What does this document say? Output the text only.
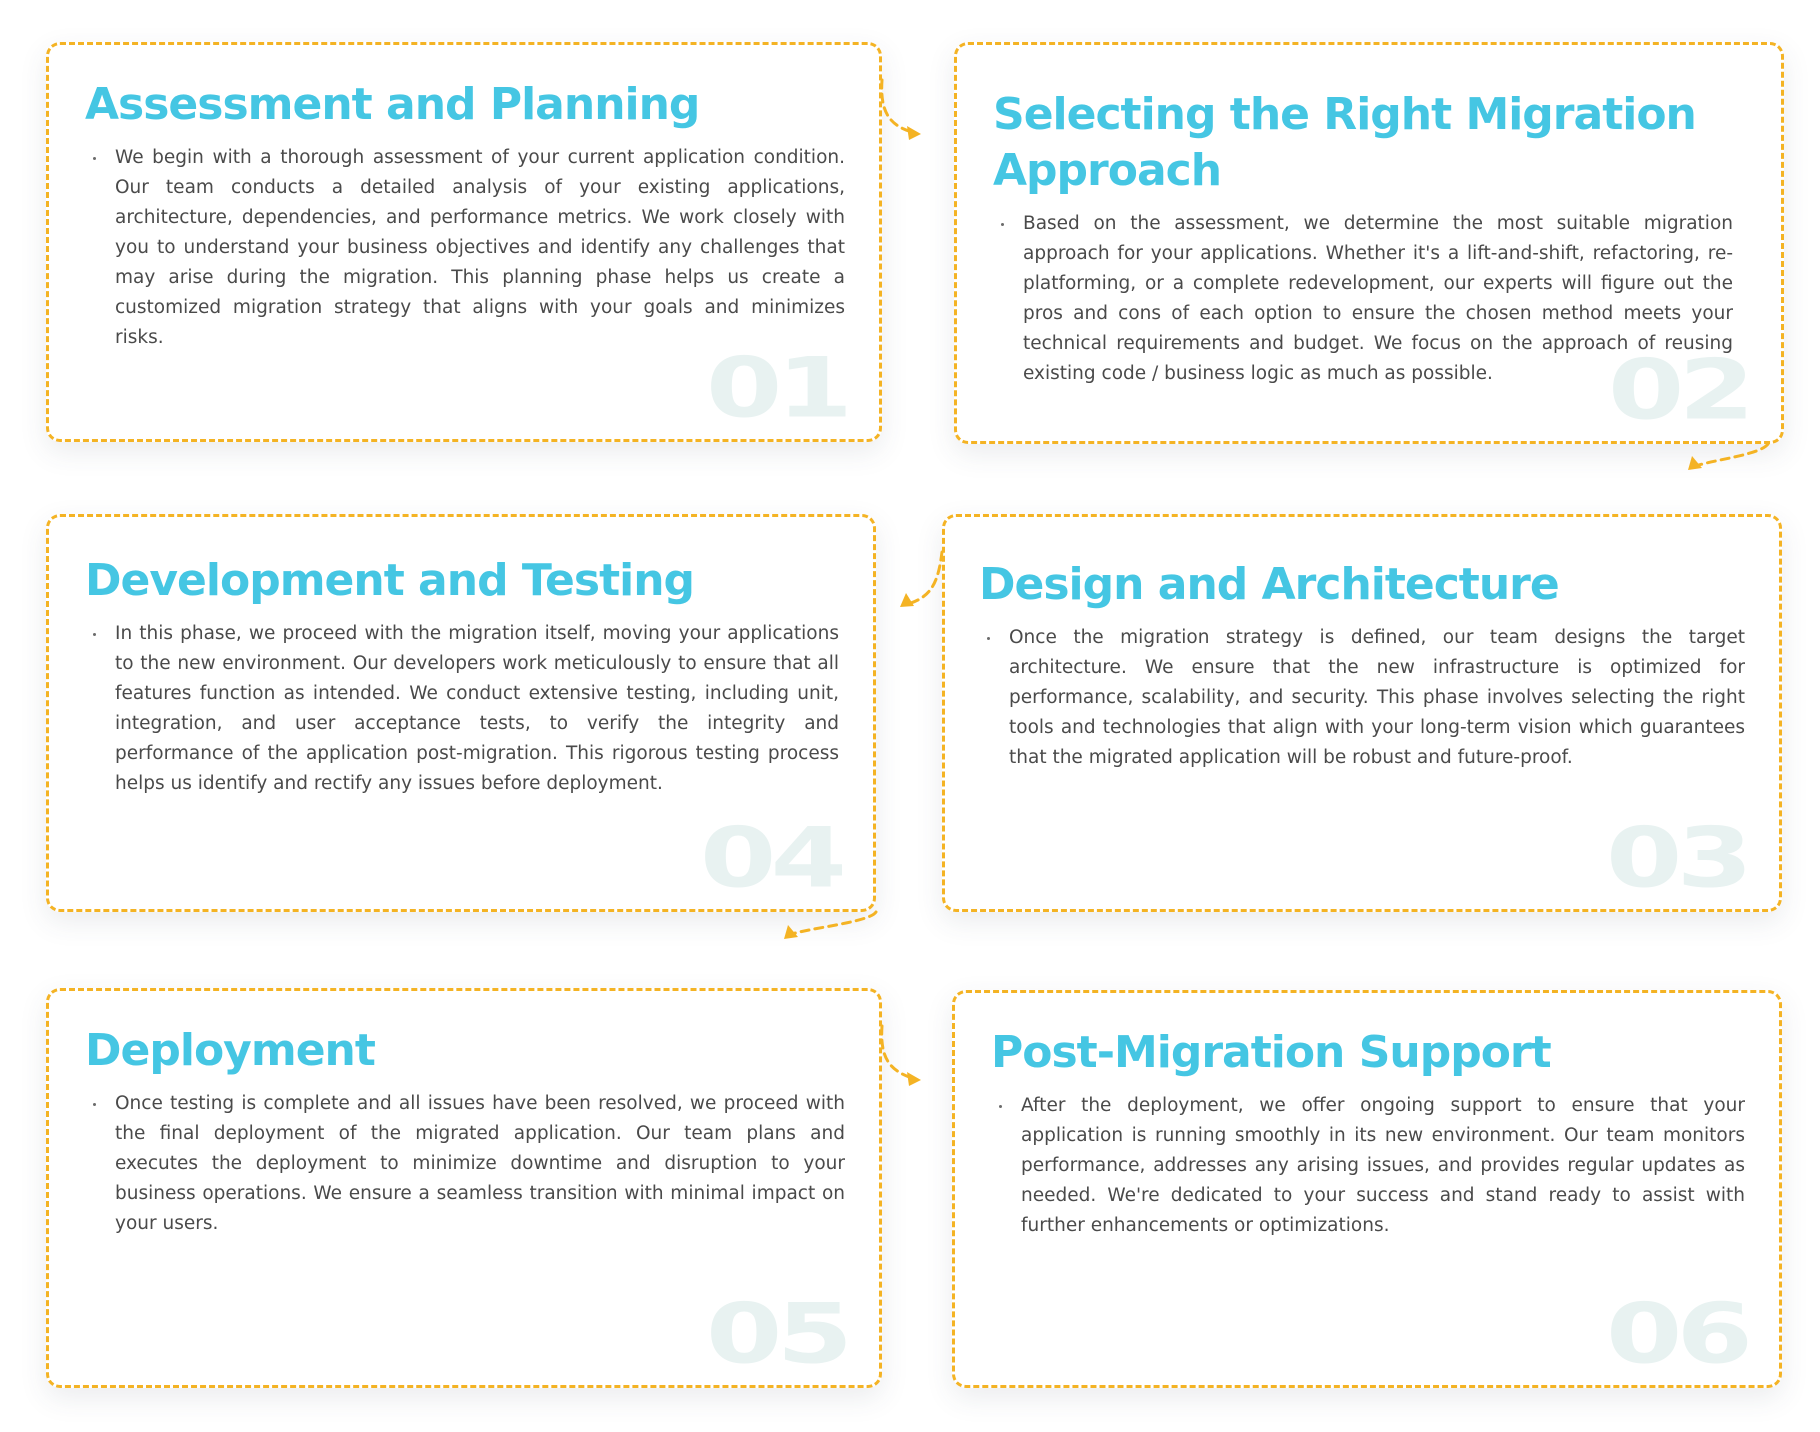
01
Assessment and Planning
We begin with a thorough assessment of your current application condition. Our team conducts a detailed analysis of your existing applications, architecture, dependencies, and performance metrics. We work closely with you to understand your business objectives and identify any challenges that may arise during the migration. This planning phase helps us create a customized migration strategy that aligns with your goals and minimizes risks.
02
Selecting the Right Migration Approach
Based on the assessment, we determine the most suitable migration approach for your applications. Whether it's a lift-and-shift, refactoring, re-platforming, or a complete redevelopment, our experts will figure out the pros and cons of each option to ensure the chosen method meets your technical requirements and budget. We focus on the approach of reusing existing code / business logic as much as possible.
04
Development and Testing
In this phase, we proceed with the migration itself, moving your applications to the new environment. Our developers work meticulously to ensure that all features function as intended. We conduct extensive testing, including unit, integration, and user acceptance tests, to verify the integrity and performance of the application post-migration. This rigorous testing process helps us identify and rectify any issues before deployment.
03
Design and Architecture
Once the migration strategy is defined, our team designs the target architecture. We ensure that the new infrastructure is optimized for performance, scalability, and security. This phase involves selecting the right tools and technologies that align with your long-term vision which guarantees that the migrated application will be robust and future-proof.
05
Deployment
Once testing is complete and all issues have been resolved, we proceed with the final deployment of the migrated application. Our team plans and executes the deployment to minimize downtime and disruption to your business operations. We ensure a seamless transition with minimal impact on your users.
06
Post-Migration Support
After the deployment, we offer ongoing support to ensure that your application is running smoothly in its new environment. Our team monitors performance, addresses any arising issues, and provides regular updates as needed. We're dedicated to your success and stand ready to assist with further enhancements or optimizations.
